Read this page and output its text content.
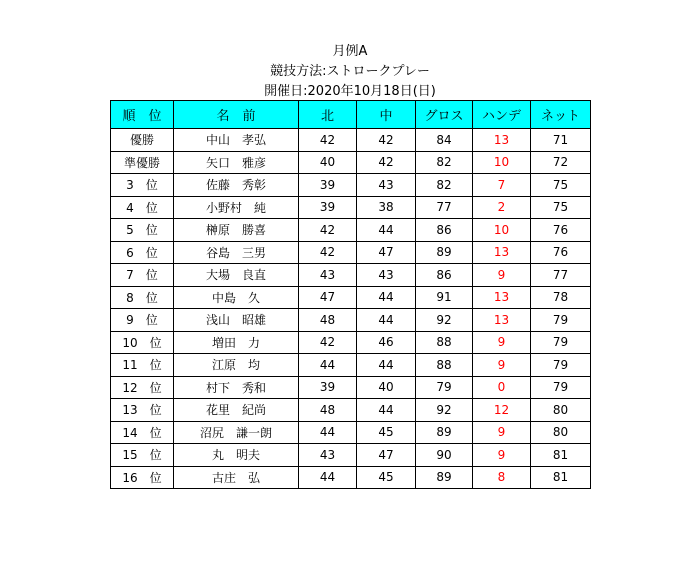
月例A
競技方法:ストロークプレー
開催日:2020年10月18日(日)
順　位	名　前	北	中	グロス	ハンデ	ネット
優勝	中山　孝弘	42	42	84	13	71
準優勝	矢口　雅彦	40	42	82	10	72
3　位	佐藤　秀彰	39	43	82	7	75
4　位	小野村　純	39	38	77	2	75
5　位	榊原　勝喜	42	44	86	10	76
6　位	谷島　三男	42	47	89	13	76
7　位	大場　良直	43	43	86	9	77
8　位	中島　久	47	44	91	13	78
9　位	浅山　昭雄	48	44	92	13	79
10　位	増田　力	42	46	88	9	79
11　位	江原　均	44	44	88	9	79
12　位	村下　秀和	39	40	79	0	79
13　位	花里　紀尚	48	44	92	12	80
14　位	沼尻　謙一朗	44	45	89	9	80
15　位	丸　明夫	43	47	90	9	81
16　位	古庄　弘	44	45	89	8	81
